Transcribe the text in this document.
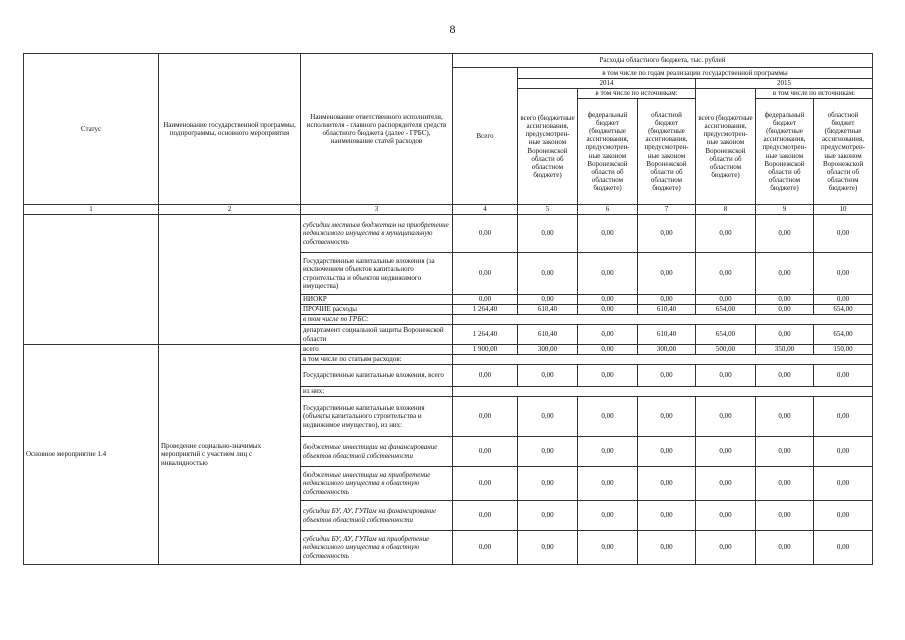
8
Статус	Наименование государственной программы, подпрограммы, основного мероприятия	Наименование ответственного исполнителя, исполнителя - главного распорядителя средств областного бюджета (далее - ГРБС), наименование статей расходов	Расходы областного бюджета, тыс. рублей						
			Всего	в том числе по годам реализации государственной программы					
				2014			2015		
				всего (бюджетные ассигнования, предусмотрен-ные законом Воронежской области об областном бюджете)	в том числе по источникам:		всего (бюджетные ассигнования, предусмотрен-ные законом Воронежской области об областном бюджете)	в том числе по источникам:	
					федеральный бюджет (бюджетные ассигнования, предусмотрен-ные законом Воронежской области об областном бюджете)	областной бюджет (бюджетные ассигнования, предусмотрен-ные законом Воронежской области об областном бюджете)		федеральный бюджет (бюджетные ассигнования, предусмотрен-ные законом Воронежской области об областном бюджете)	областной бюджет (бюджетные ассигнования, предусмотрен-ные законом Воронежской области об областном бюджете)
1	2	3	4	5	6	7	8	9	10
		субсидии местным бюджетам на приобретение недвижимого имущества в муниципальную собственность	0,00	0,00	0,00	0,00	0,00	0,00	0,00
		Государственные капитальные вложения (за исключением объектов капитального строительства и объектов недвижимого имущества)	0,00	0,00	0,00	0,00	0,00	0,00	0,00
		НИОКР	0,00	0,00	0,00	0,00	0,00	0,00	0,00
		ПРОЧИЕ расходы	1 264,40	610,40	0,00	610,40	654,00	0,00	654,00
		в том числе по ГРБС:							
		департамент социальной защиты Воронежской области	1 264,40	610,40	0,00	610,40	654,00	0,00	654,00
Основное мероприятие 1.4	Проведение социально-значимых мероприятий с участием лиц с инвалидностью	всего	1 900,00	300,00	0,00	300,00	500,00	350,00	150,00
		в том числе по статьям расходов:							
		Государственные капитальные вложения, всего	0,00	0,00	0,00	0,00	0,00	0,00	0,00
		из них:							
		Государственные капитальные вложения (объекты капитального строительства и недвижимое имущество), из них:	0,00	0,00	0,00	0,00	0,00	0,00	0,00
		бюджетные инвестиции на финансирование объектов областной собственности	0,00	0,00	0,00	0,00	0,00	0,00	0,00
		бюджетные инвестиции на приобретение недвижимого имущества в областную собственность	0,00	0,00	0,00	0,00	0,00	0,00	0,00
		субсидии БУ, АУ, ГУПам на финансирование объектов областной собственности	0,00	0,00	0,00	0,00	0,00	0,00	0,00
		субсидии БУ, АУ, ГУПам на приобретение недвижимого имущества в областную собственность	0,00	0,00	0,00	0,00	0,00	0,00	0,00
